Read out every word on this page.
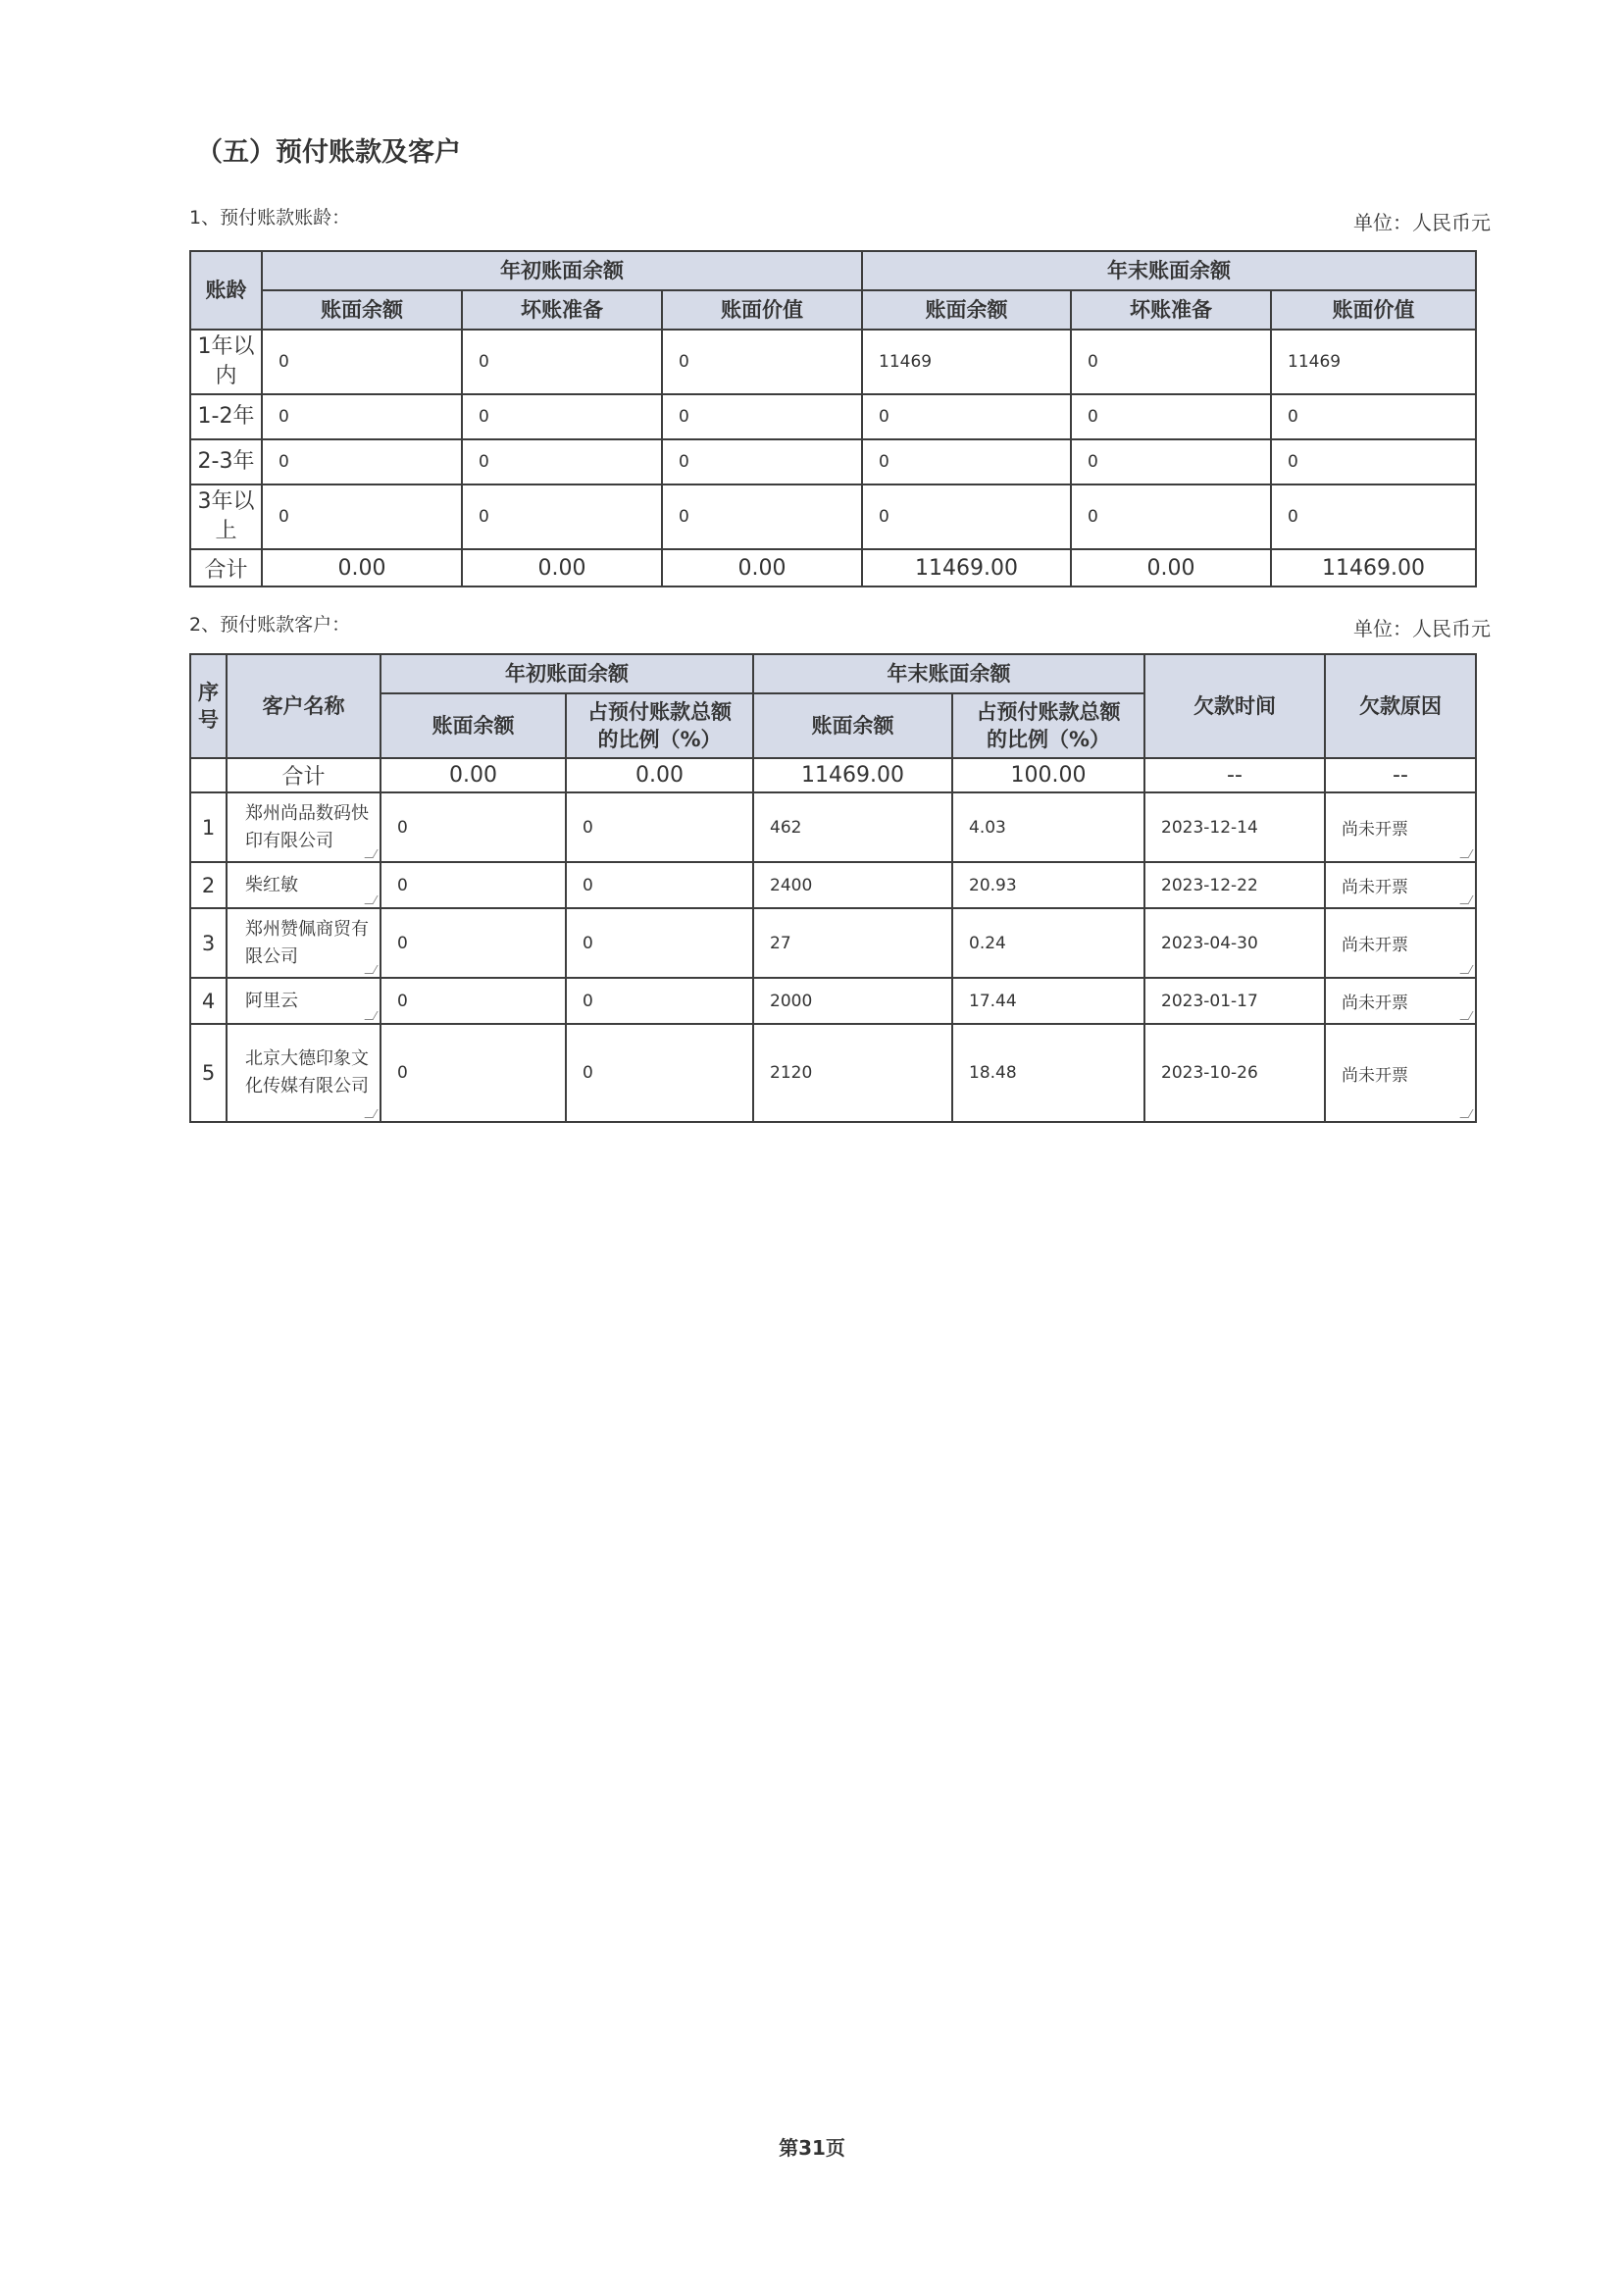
（五）预付账款及客户
1、预付账款账龄：	单位：人民币元
账龄	年初账面余额			年末账面余额		
	账面余额	坏账准备	账面价值	账面余额	坏账准备	账面价值
1年以内	0	0	0	11469	0	11469
1-2年	0	0	0	0	0	0
2-3年	0	0	0	0	0	0
3年以上	0	0	0	0	0	0
合计	0.00	0.00	0.00	11469.00	0.00	11469.00
2、预付账款客户：	单位：人民币元
序号	客户名称	年初账面余额		年末账面余额		欠款时间	欠款原因
		账面余额	占预付账款总额的比例（%）	账面余额	占预付账款总额的比例（%）		
	合计	0.00	0.00	11469.00	100.00	--	--
1	郑州尚品数码快印有限公司	0	0	462	4.03	2023-12-14	尚未开票

2	柴红敏	0	0	2400	20.93	2023-12-22	尚未开票

3	郑州赞佩商贸有限公司	0	0	27	0.24	2023-04-30	尚未开票

4	阿里云	0	0	2000	17.44	2023-01-17	尚未开票

5	北京大德印象文化传媒有限公司	0	0	2120	18.48	2023-10-26	尚未开票
第31页
